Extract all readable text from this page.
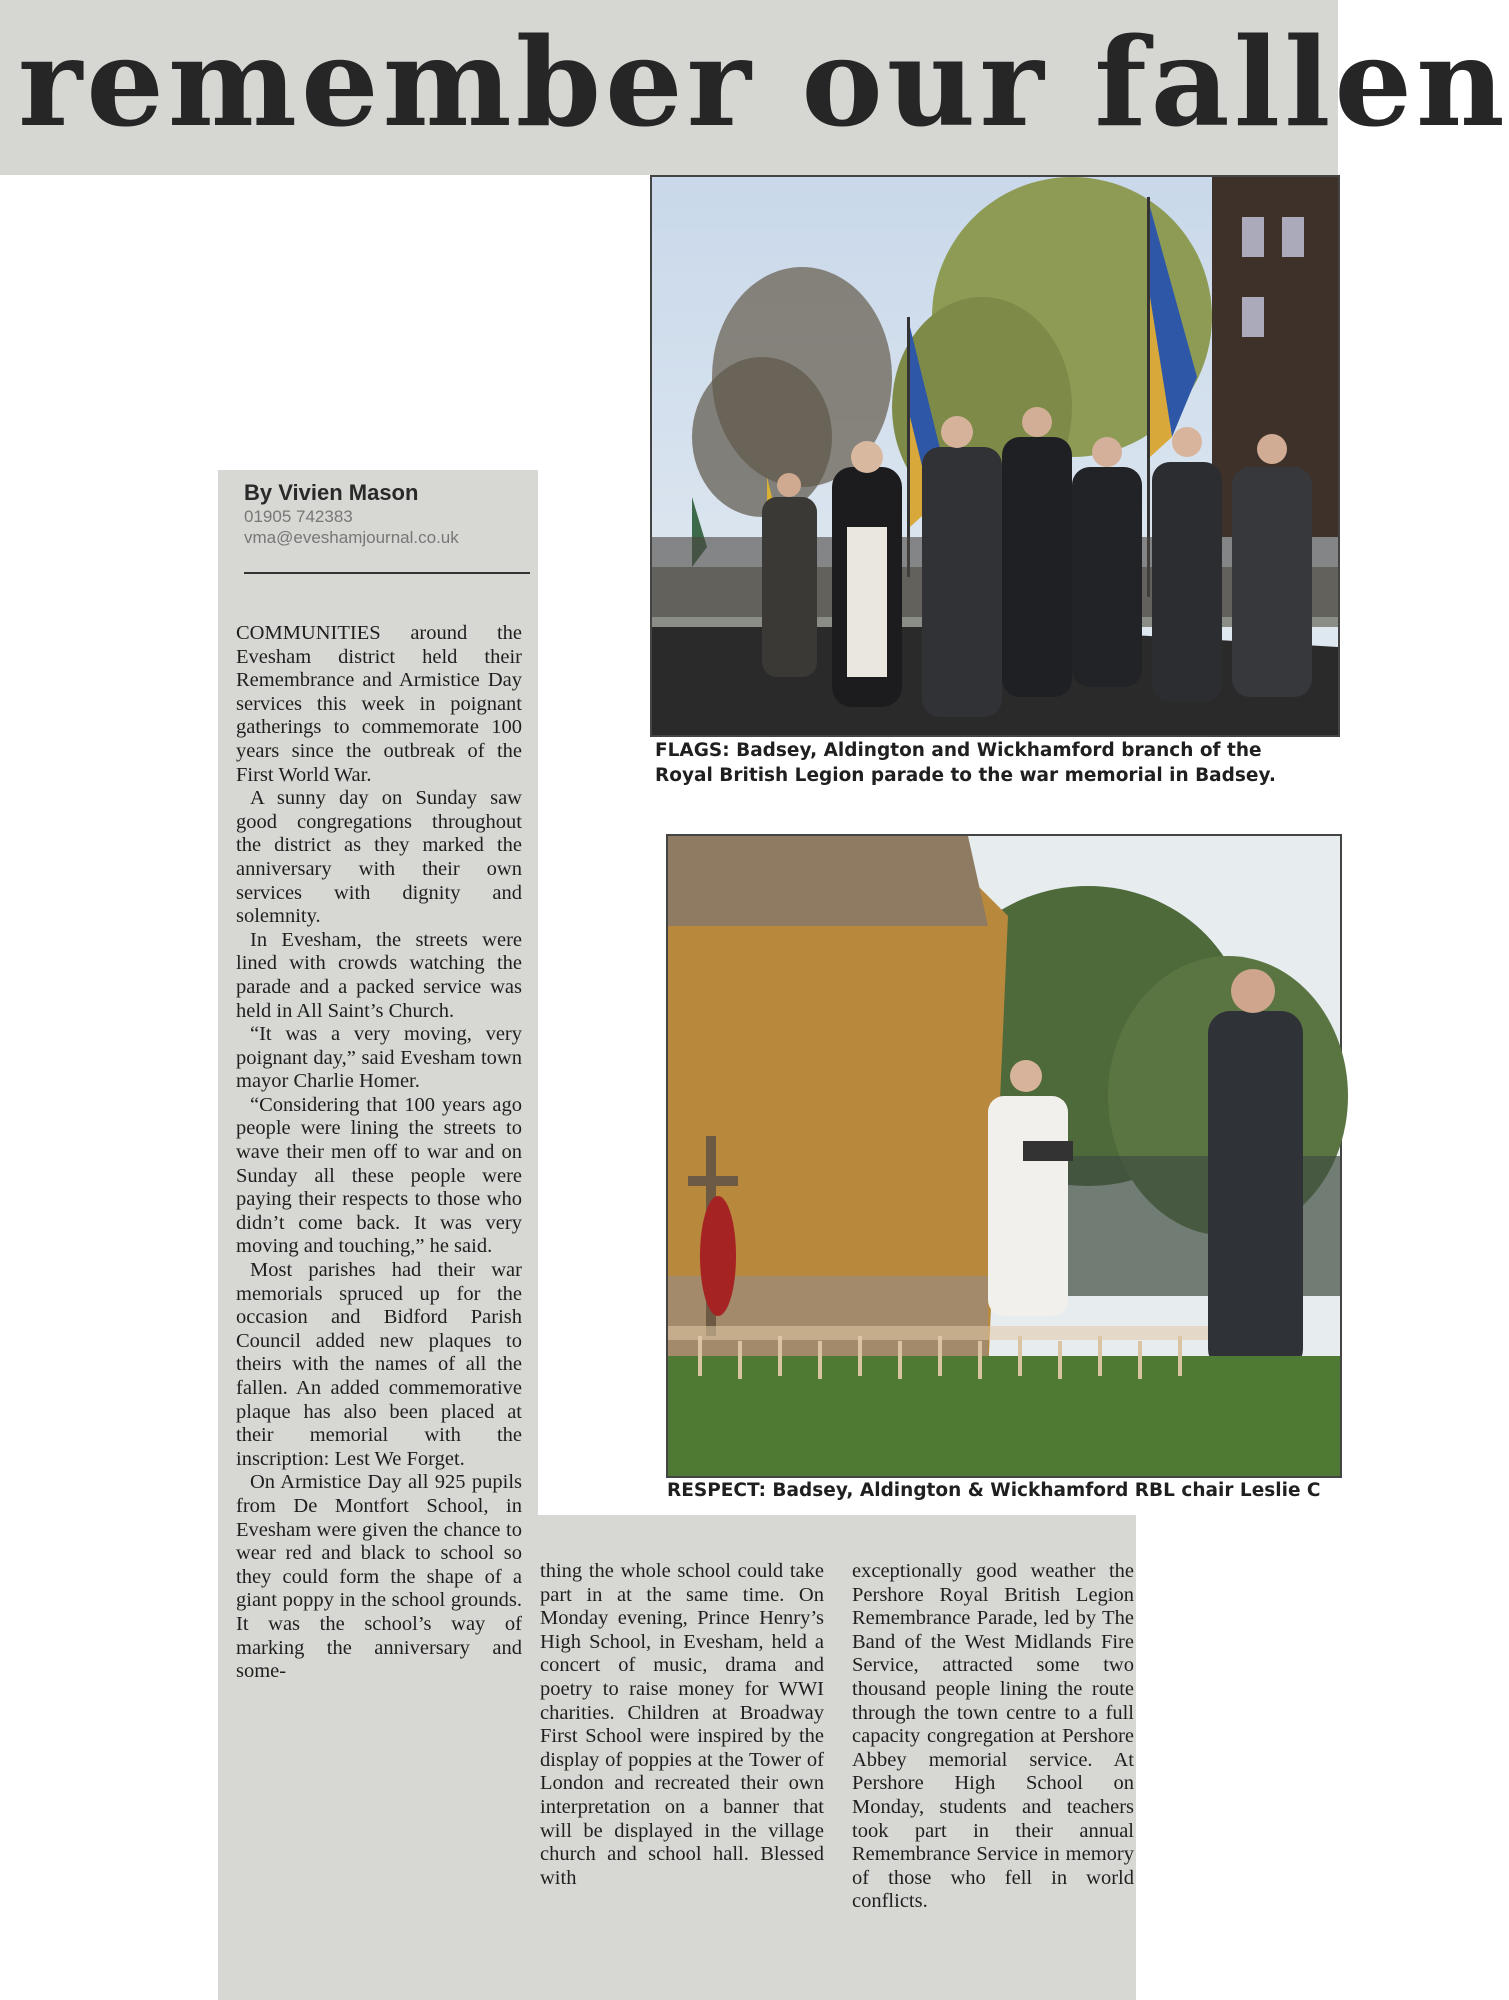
remember our fallen
By Vivien Mason
01905 742383
vma@eveshamjournal.co.uk

COMMUNITIES around the Evesham district held their Remembrance and Armistice Day services this week in poignant gatherings to commemorate 100 years since the outbreak of the First World War.

A sunny day on Sunday saw good congregations throughout the district as they marked the anniversary with their own services with dignity and solemnity.

In Evesham, the streets were lined with crowds watching the parade and a packed service was held in All Saint’s Church.

“It was a very moving, very poignant day,” said Evesham town mayor Charlie Homer.

“Considering that 100 years ago people were lining the streets to wave their men off to war and on Sunday all these people were paying their respects to those who didn’t come back. It was very moving and touching,” he said.

Most parishes had their war memorials spruced up for the occasion and Bidford Parish Council added new plaques to theirs with the names of all the fallen. An added commemorative plaque has also been placed at their memorial with the inscription: Lest We Forget.

On Armistice Day all 925 pupils from De Montfort School, in Evesham were given the chance to wear red and black to school so they could form the shape of a giant poppy in the school grounds. It was the school’s way of marking the anniversary and some-

thing the whole school could take part in at the same time. On Monday evening, Prince Henry’s High School, in Evesham, held a concert of music, drama and poetry to raise money for WWI charities. Children at Broadway First School were inspired by the display of poppies at the Tower of London and recreated their own interpretation on a banner that will be displayed in the village church and school hall. Blessed with

exceptionally good weather the Pershore Royal British Legion Remembrance Parade, led by The Band of the West Midlands Fire Service, attracted some two thousand people lining the route through the town centre to a full capacity congregation at Pershore Abbey memorial service. At Pershore High School on Monday, students and teachers took part in their annual Remembrance Service in memory of those who fell in world conflicts.

FLAGS: Badsey, Aldington and Wickhamford branch of the
Royal British Legion parade to the war memorial in Badsey.
RESPECT: Badsey, Aldington & Wickhamford RBL chair Leslie C
